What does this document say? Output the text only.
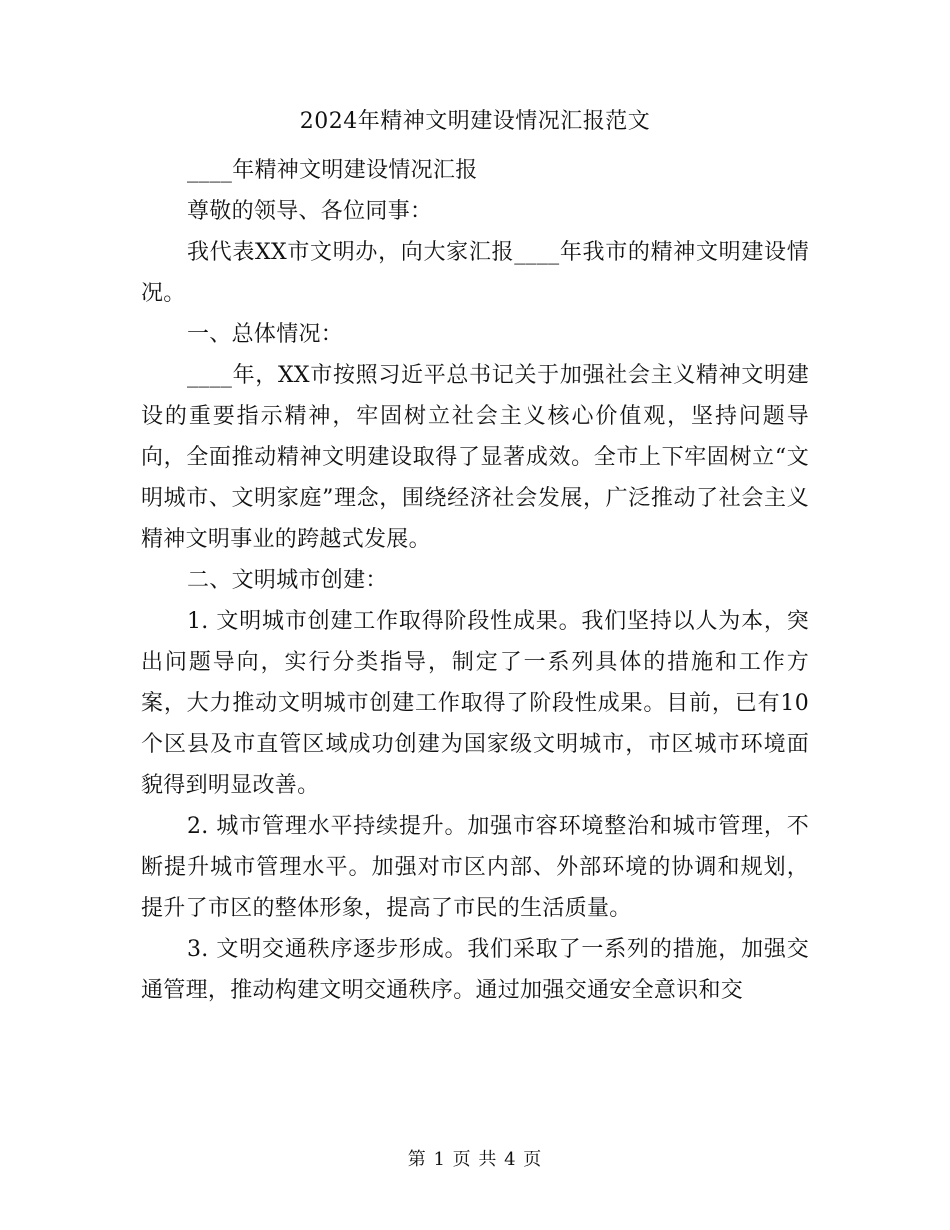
2024年精神文明建设情况汇报范文

____年精神文明建设情况汇报

尊敬的领导、各位同事：

我代表XX市文明办，向大家汇报____年我市的精神文明建设情况。

一、总体情况：

____年，XX市按照习近平总书记关于加强社会主义精神文明建设的重要指示精神，牢固树立社会主义核心价值观，坚持问题导向，全面推动精神文明建设取得了显著成效。全市上下牢固树立“文明城市、文明家庭”理念，围绕经济社会发展，广泛推动了社会主义精神文明事业的跨越式发展。

二、文明城市创建：

1. 文明城市创建工作取得阶段性成果。我们坚持以人为本，突出问题导向，实行分类指导，制定了一系列具体的措施和工作方案，大力推动文明城市创建工作取得了阶段性成果。目前，已有10个区县及市直管区域成功创建为国家级文明城市，市区城市环境面貌得到明显改善。

2. 城市管理水平持续提升。加强市容环境整治和城市管理，不断提升城市管理水平。加强对市区内部、外部环境的协调和规划，提升了市区的整体形象，提高了市民的生活质量。

3. 文明交通秩序逐步形成。我们采取了一系列的措施，加强交通管理，推动构建文明交通秩序。通过加强交通安全意识和交

第 1 页 共 4 页
